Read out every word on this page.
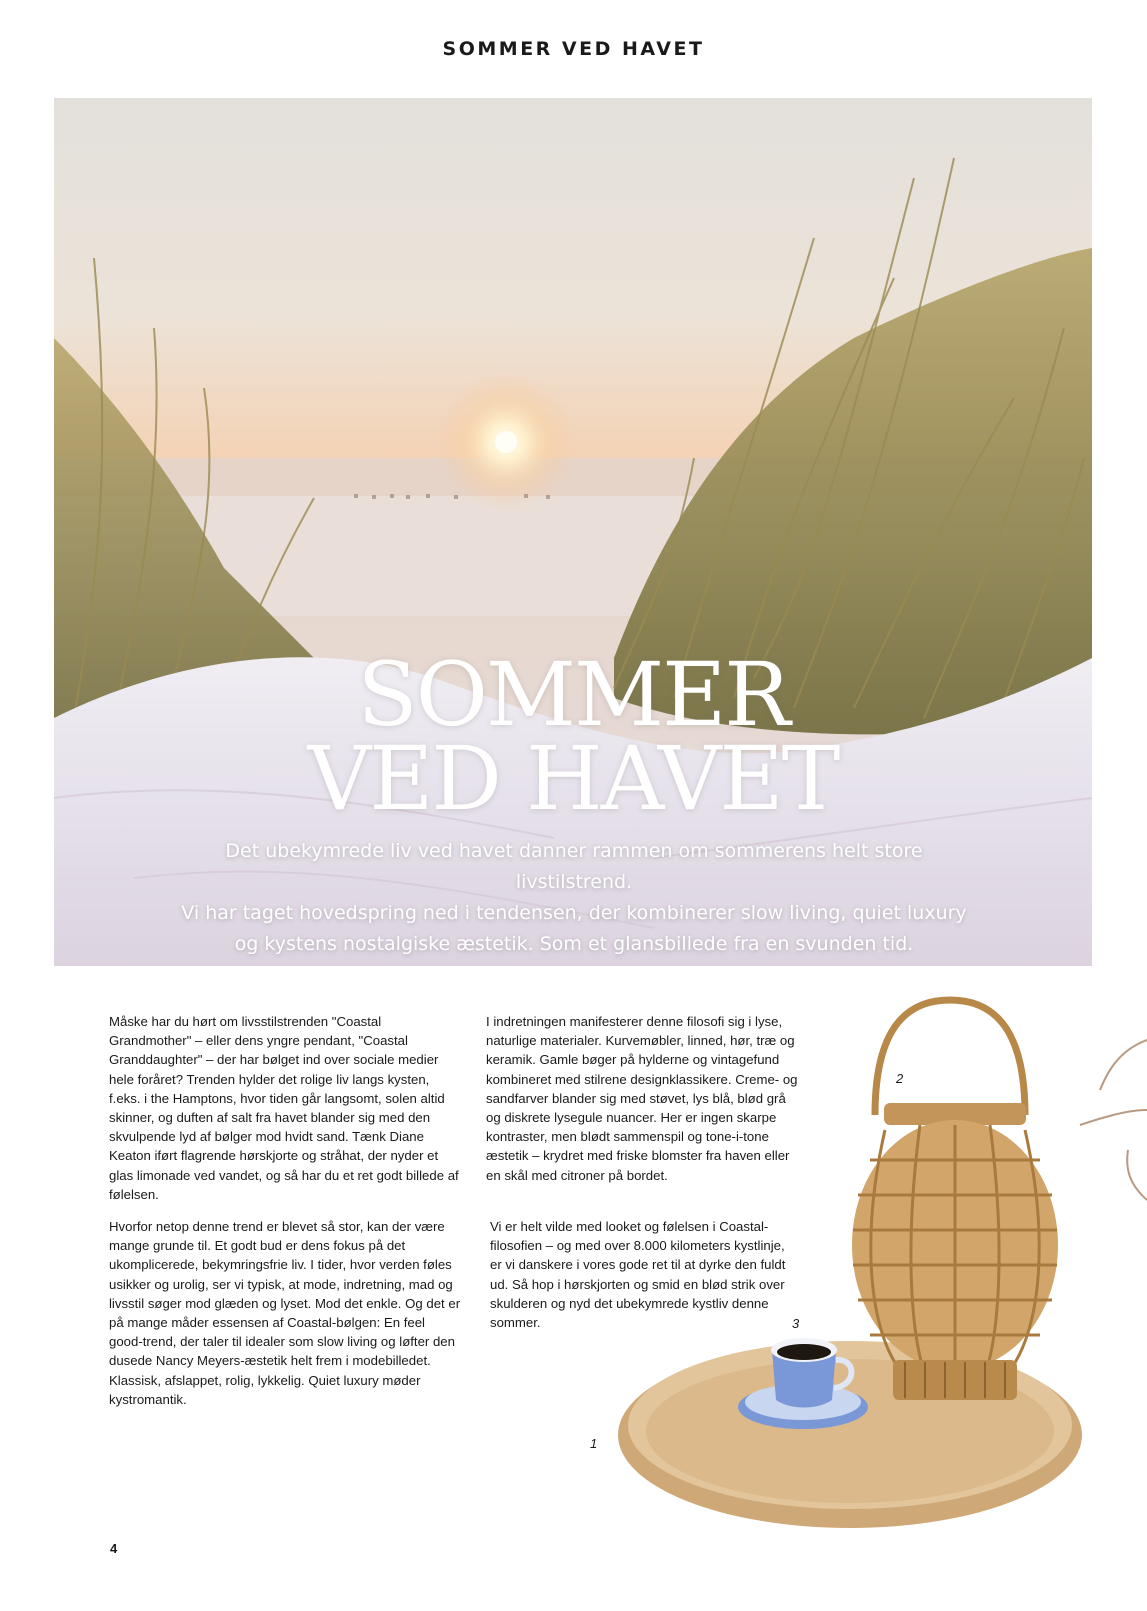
SOMMER VED HAVET
SOMMER
VED HAVET
Det ubekymrede liv ved havet danner rammen om sommerens helt store livstilstrend.
Vi har taget hovedspring ned i tendensen, der kombinerer slow living, quiet luxury
og kystens nostalgiske æstetik. Som et glansbillede fra en svunden tid.

Måske har du hørt om livsstilstrenden "Coastal Grandmother" – eller dens yngre pendant, "Coastal Granddaughter" – der har bølget ind over sociale medier hele foråret? Trenden hylder det rolige liv langs kysten, f.eks. i the Hamptons, hvor tiden går langsomt, solen altid skinner, og duften af salt fra havet blander sig med den skvulpende lyd af bølger mod hvidt sand. Tænk Diane Keaton iført flagrende hørskjorte og stråhat, der nyder et glas limonade ved vandet, og så har du et ret godt billede af følelsen.

Hvorfor netop denne trend er blevet så stor, kan der være mange grunde til. Et godt bud er dens fokus på det ukomplicerede, bekymringsfrie liv. I tider, hvor verden føles usikker og urolig, ser vi typisk, at mode, indretning, mad og livsstil søger mod glæden og lyset. Mod det enkle. Og det er på mange måder essensen af Coastal-bølgen: En feel good-trend, der taler til idealer som slow living og løfter den dusede Nancy Meyers-æstetik helt frem i modebilledet. Klassisk, afslappet, rolig, lykkelig. Quiet luxury møder kystromantik.

I indretningen manifesterer denne filosofi sig i lyse, naturlige materialer. Kurvemøbler, linned, hør, træ og keramik. Gamle bøger på hylderne og vintagefund kombineret med stilrene designklassikere. Creme- og sandfarver blander sig med støvet, lys blå, blød grå og diskrete lysegule nuancer. Her er ingen skarpe kontraster, men blødt sammenspil og tone-i-tone æstetik – krydret med friske blomster fra haven eller en skål med citroner på bordet.

Vi er helt vilde med looket og følelsen i Coastal-filosofien – og med over 8.000 kilometers kystlinje, er vi danskere i vores gode ret til at dyrke den fuldt ud. Så hop i hørskjorten og smid en blød strik over skulderen og nyd det ubekymrede kystliv denne sommer.

2
3
1
4
